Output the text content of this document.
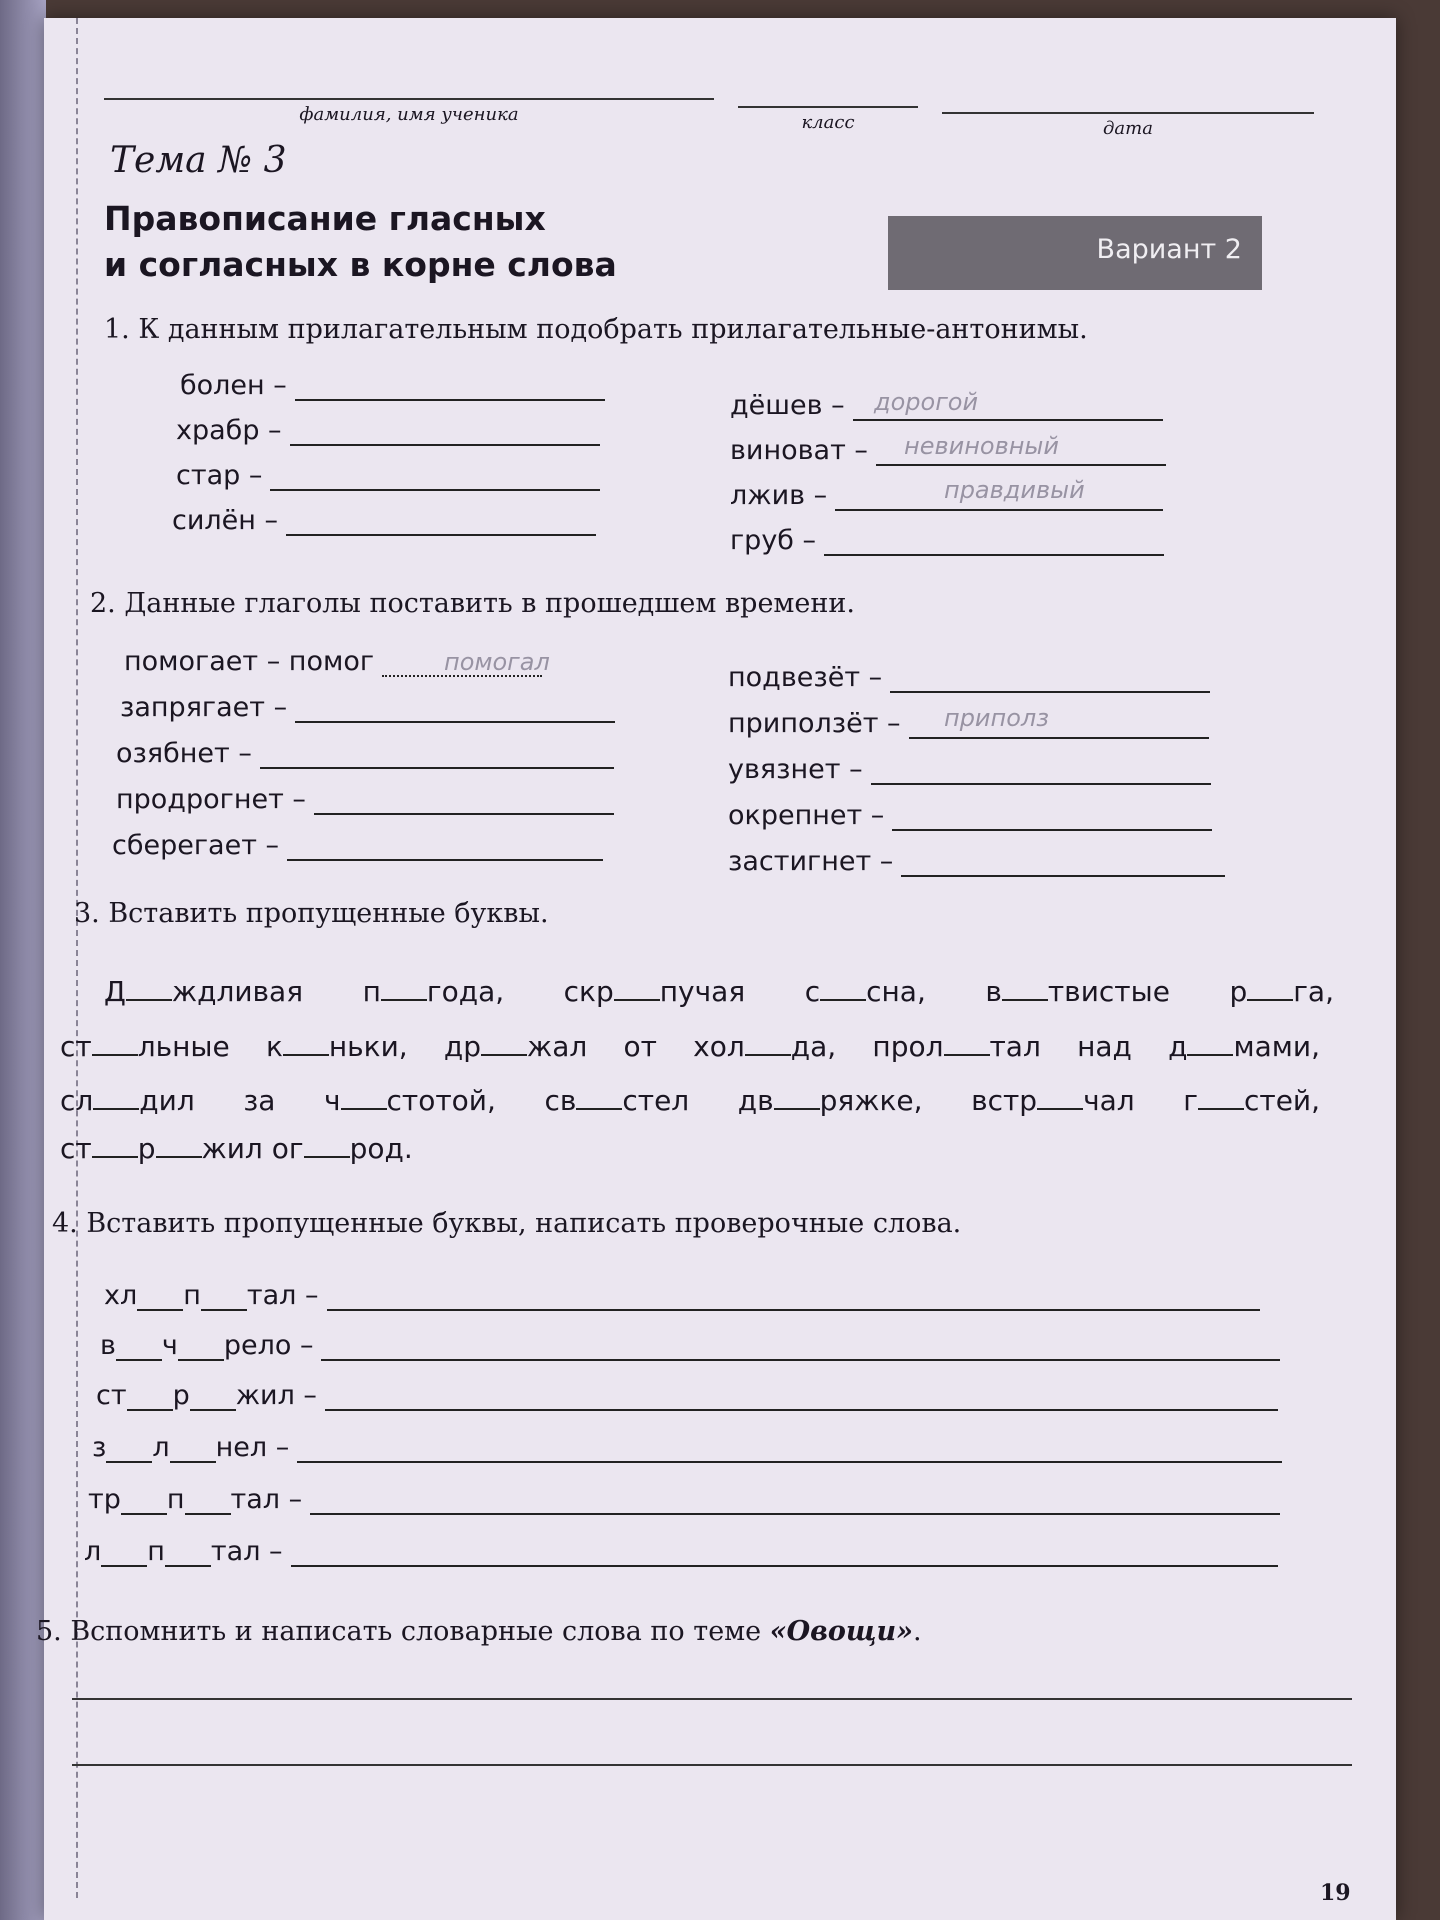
фамилия, имя ученика	класс	дата
Тема № 3
Правописание гласных
и согласных в корне слова	Вариант 2
1. К данным прилагательным подобрать прилагательные-антонимы.
болен –
храбр –
стар –
силён –
дёшев –
виноват –
лжив –
груб –
дорогой
невиновный
правдивый
2. Данные глаголы поставить в прошедшем времени.
помогает – помог
запрягает –
озябнет –
продрогнет –
сберегает –
подвезёт –
приползёт –
увязнет –
окрепнет –
застигнет –
помогал
приполз
3. Вставить пропущенные буквы.
Д ждливая п года, скр пучая с сна, в твистые р га,
ст льные к ньки, др жал от хол да, прол тал над д мами,
сл дил за ч стотой, св стел дв ряжке, встр чал г стей,
ст р жил ог род.
4. Вставить пропущенные буквы, написать проверочные слова.
хл п тал –
в ч рело –
ст р жил –
з л нел –
тр п тал –
л п тал –
5. Вспомнить и написать словарные слова по теме «Овощи».
19
